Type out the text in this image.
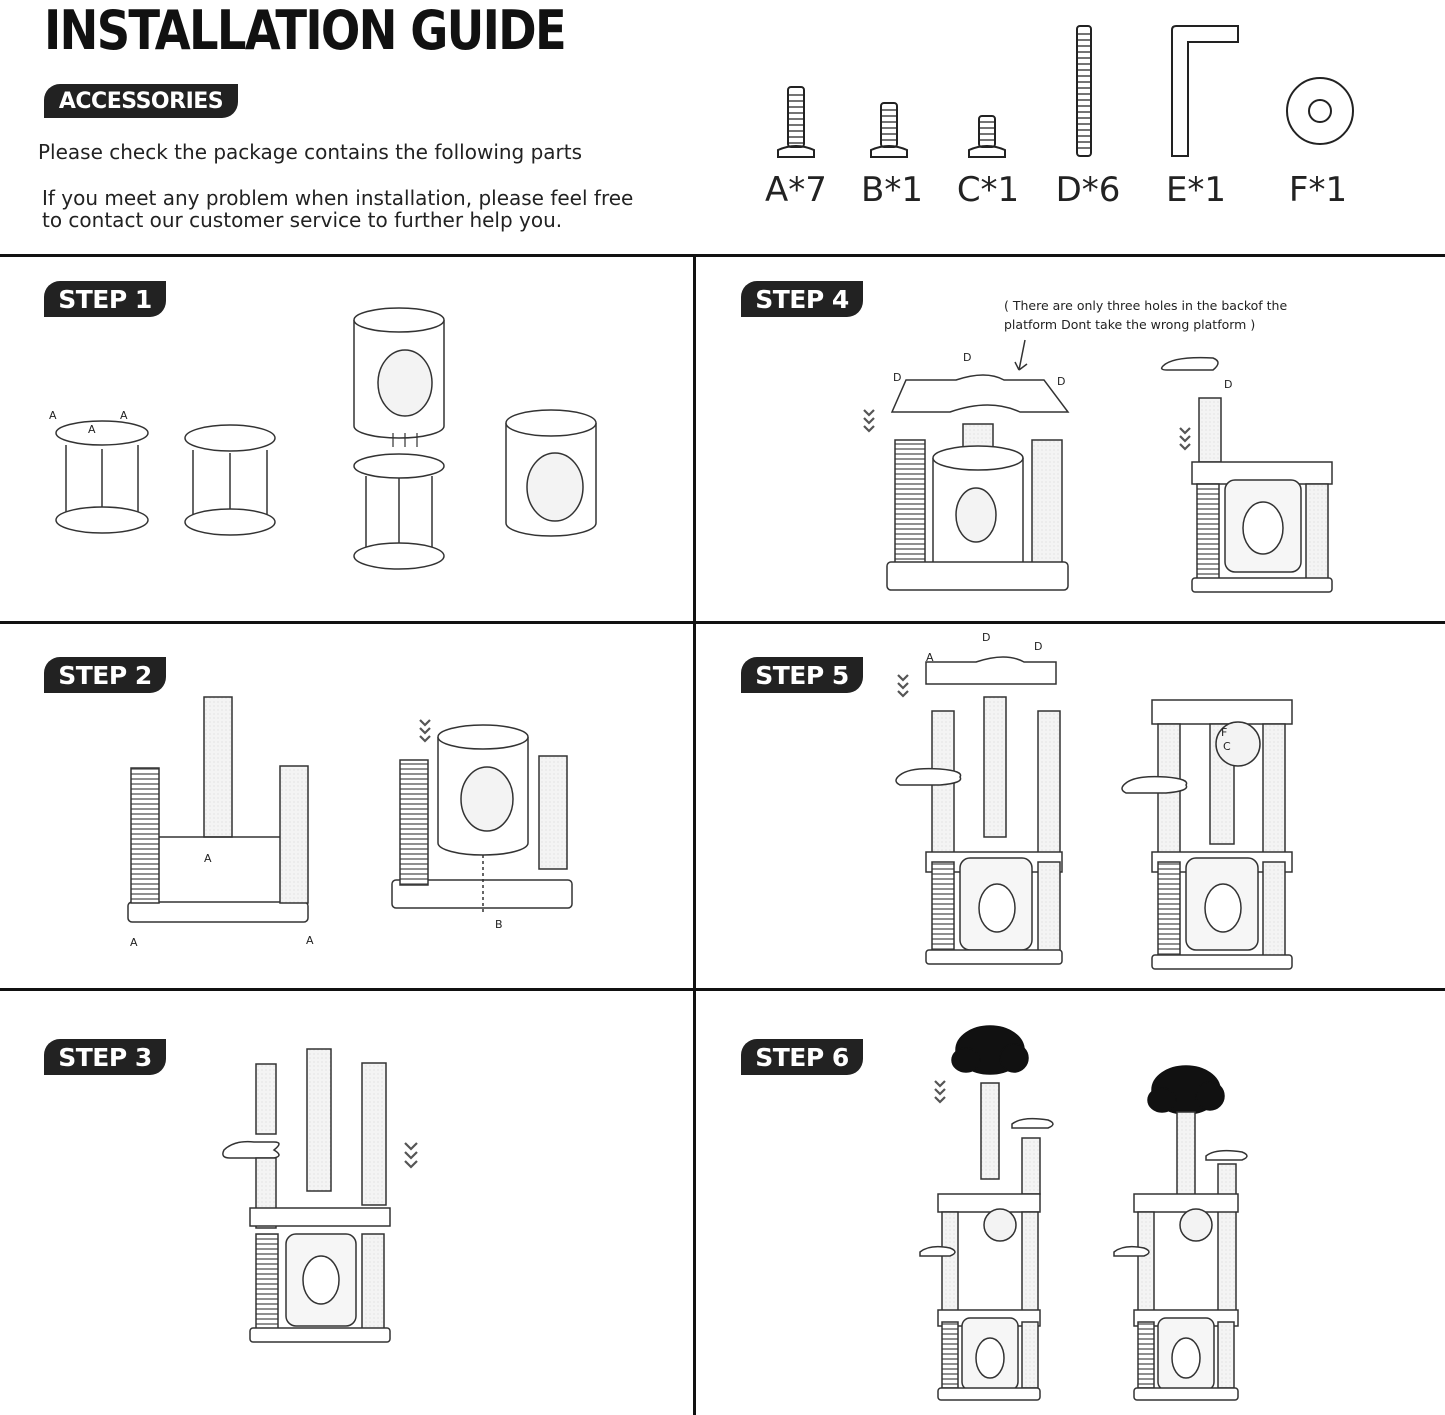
INSTALLATION GUIDE
ACCESSORIES
Please check the package contains the following parts
If you meet any problem when installation, please feel free
to contact our customer service to further help you.
A*7	B*1 C*1	D*6	E*1	F*1
STEP 1
STEP 2
STEP 3
STEP 4
STEP 5
STEP 6
( There are only three holes in the backof the
platform Dont take the wrong platform )
A	A
A
A
A	A
B
D
D	D	D
D
D
A
F
C
